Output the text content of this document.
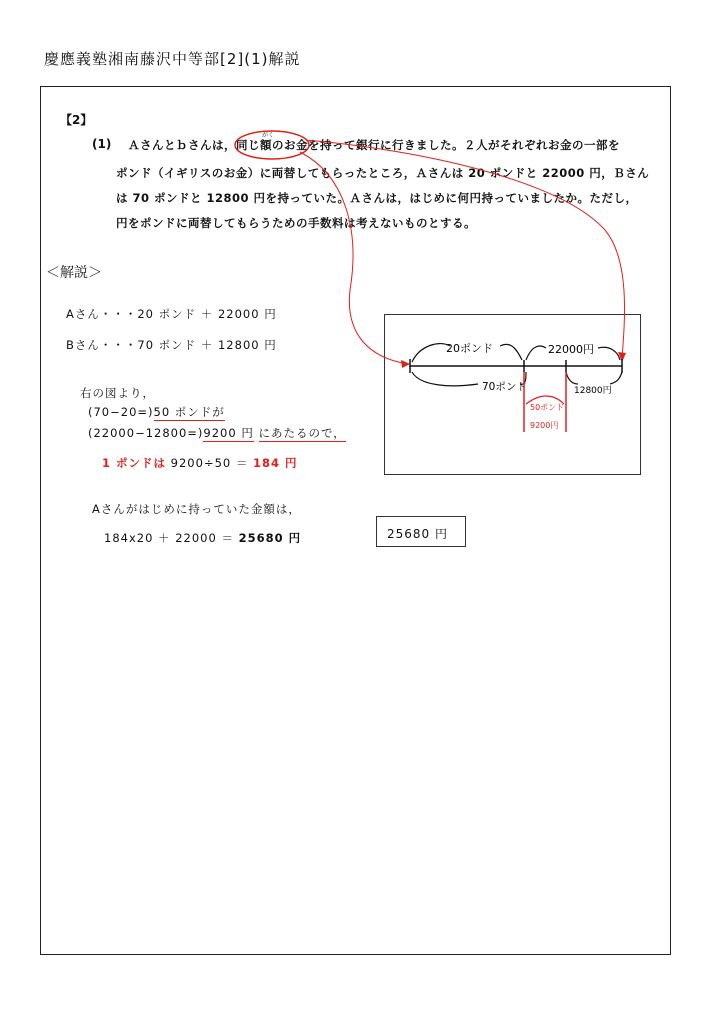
慶應義塾湘南藤沢中等部[2](1)解説
【2】
(1)
がく
Ａさんとｂさんは，同じ額のお金を持って銀行に行きました。２人がそれぞれお金の一部を
ポンド（イギリスのお金）に両替してもらったところ，Ａさんは 20 ポンドと 22000 円，Ｂさん
は 70 ポンドと 12800 円を持っていた。Ａさんは，はじめに何円持っていましたか。ただし，
円をポンドに両替してもらうための手数料は考えないものとする。
＜解説＞
Aさん・・・20 ポンド ＋ 22000 円
Bさん・・・70 ポンド ＋ 12800 円
右の図より，
(70−20=)50 ポンドが
(22000−12800=)9200 円 にあたるので，
1 ポンドは 9200÷50 ＝ 184 円
Aさんがはじめに持っていた金額は，
184x20 ＋ 22000 ＝ 25680 円	25680 円
20ポンド	22000円
70ポンド	12800円
50ポンド
9200円
